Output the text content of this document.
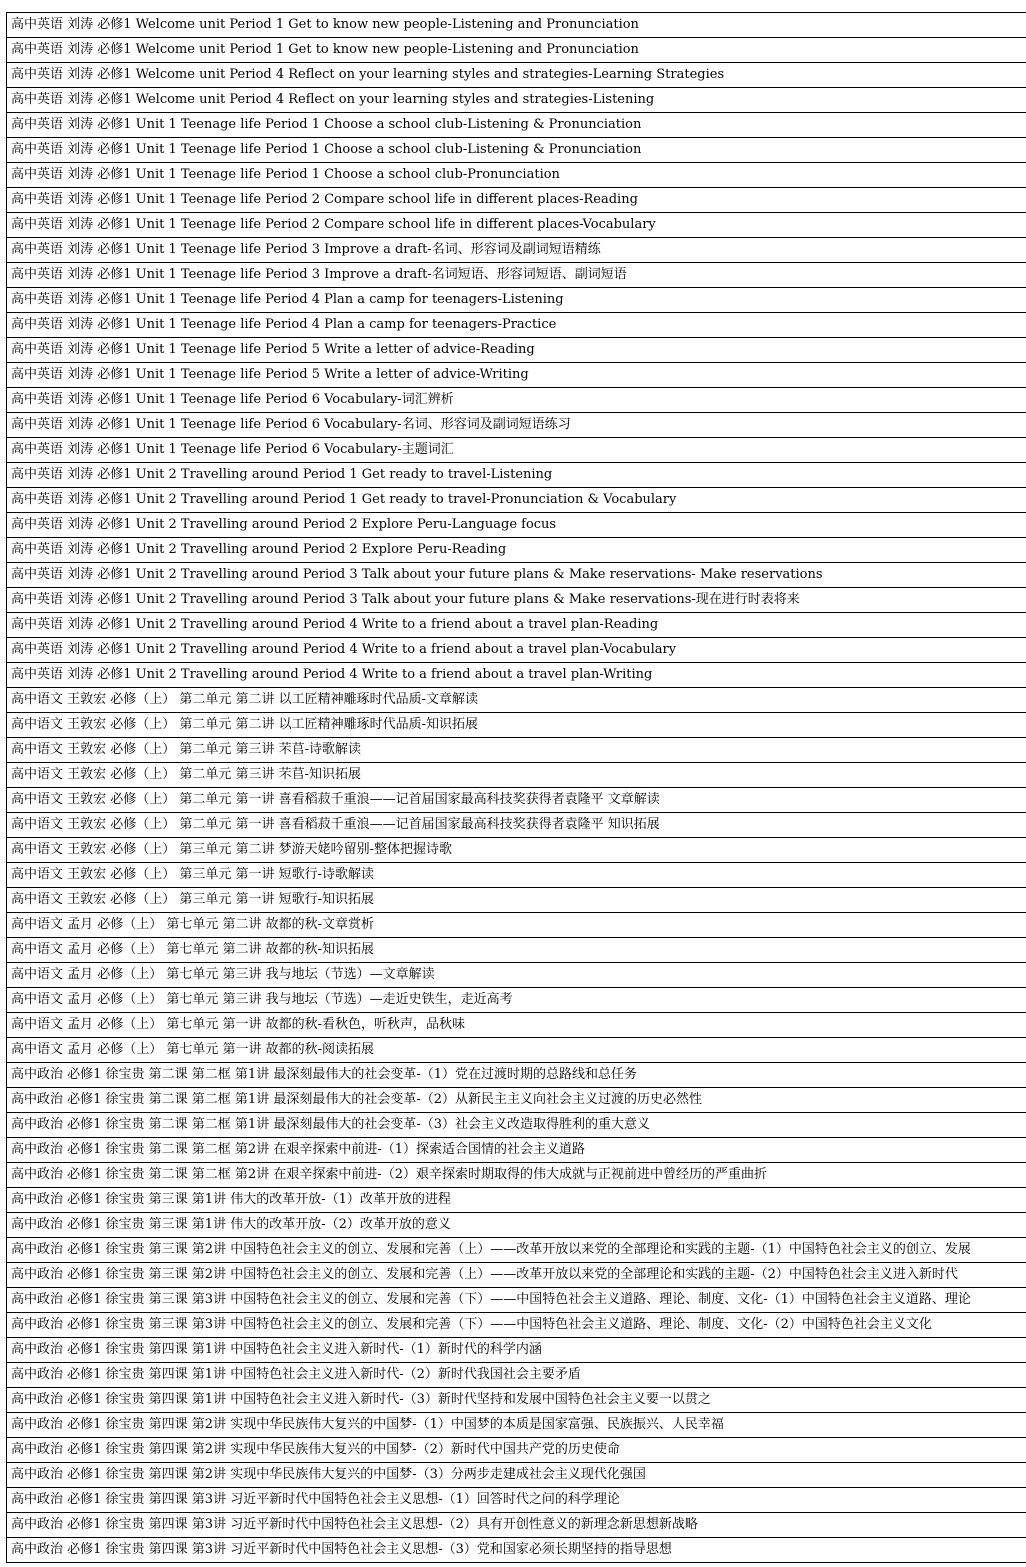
高中英语 刘涛 必修1 Welcome unit Period 1 Get to know new people-Listening and Pronunciation
高中英语 刘涛 必修1 Welcome unit Period 1 Get to know new people-Listening and Pronunciation
高中英语 刘涛 必修1 Welcome unit Period 4 Reflect on your learning styles and strategies-Learning Strategies
高中英语 刘涛 必修1 Welcome unit Period 4 Reflect on your learning styles and strategies-Listening
高中英语 刘涛 必修1 Unit 1 Teenage life Period 1 Choose a school club-Listening & Pronunciation
高中英语 刘涛 必修1 Unit 1 Teenage life Period 1 Choose a school club-Listening & Pronunciation
高中英语 刘涛 必修1 Unit 1 Teenage life Period 1 Choose a school club-Pronunciation
高中英语 刘涛 必修1 Unit 1 Teenage life Period 2 Compare school life in different places-Reading
高中英语 刘涛 必修1 Unit 1 Teenage life Period 2 Compare school life in different places-Vocabulary
高中英语 刘涛 必修1 Unit 1 Teenage life Period 3 Improve a draft-名词、形容词及副词短语精练
高中英语 刘涛 必修1 Unit 1 Teenage life Period 3 Improve a draft-名词短语、形容词短语、副词短语
高中英语 刘涛 必修1 Unit 1 Teenage life Period 4 Plan a camp for teenagers-Listening
高中英语 刘涛 必修1 Unit 1 Teenage life Period 4 Plan a camp for teenagers-Practice
高中英语 刘涛 必修1 Unit 1 Teenage life Period 5 Write a letter of advice-Reading
高中英语 刘涛 必修1 Unit 1 Teenage life Period 5 Write a letter of advice-Writing
高中英语 刘涛 必修1 Unit 1 Teenage life Period 6 Vocabulary-词汇辨析
高中英语 刘涛 必修1 Unit 1 Teenage life Period 6 Vocabulary-名词、形容词及副词短语练习
高中英语 刘涛 必修1 Unit 1 Teenage life Period 6 Vocabulary-主题词汇
高中英语 刘涛 必修1 Unit 2 Travelling around Period 1 Get ready to travel-Listening
高中英语 刘涛 必修1 Unit 2 Travelling around Period 1 Get ready to travel-Pronunciation & Vocabulary
高中英语 刘涛 必修1 Unit 2 Travelling around Period 2 Explore Peru-Language focus
高中英语 刘涛 必修1 Unit 2 Travelling around Period 2 Explore Peru-Reading
高中英语 刘涛 必修1 Unit 2 Travelling around Period 3 Talk about your future plans & Make reservations- Make reservations
高中英语 刘涛 必修1 Unit 2 Travelling around Period 3 Talk about your future plans & Make reservations-现在进行时表将来
高中英语 刘涛 必修1 Unit 2 Travelling around Period 4 Write to a friend about a travel plan-Reading
高中英语 刘涛 必修1 Unit 2 Travelling around Period 4 Write to a friend about a travel plan-Vocabulary
高中英语 刘涛 必修1 Unit 2 Travelling around Period 4 Write to a friend about a travel plan-Writing
高中语文 王敦宏 必修（上） 第二单元 第二讲 以工匠精神雕琢时代品质-文章解读
高中语文 王敦宏 必修（上） 第二单元 第二讲 以工匠精神雕琢时代品质-知识拓展
高中语文 王敦宏 必修（上） 第二单元 第三讲 芣苢-诗歌解读
高中语文 王敦宏 必修（上） 第二单元 第三讲 芣苢-知识拓展
高中语文 王敦宏 必修（上） 第二单元 第一讲 喜看稻菽千重浪——记首届国家最高科技奖获得者袁隆平 文章解读
高中语文 王敦宏 必修（上） 第二单元 第一讲 喜看稻菽千重浪——记首届国家最高科技奖获得者袁隆平 知识拓展
高中语文 王敦宏 必修（上） 第三单元 第二讲 梦游天姥吟留别-整体把握诗歌
高中语文 王敦宏 必修（上） 第三单元 第一讲 短歌行-诗歌解读
高中语文 王敦宏 必修（上） 第三单元 第一讲 短歌行-知识拓展
高中语文 孟月 必修（上） 第七单元 第二讲 故都的秋-文章赏析
高中语文 孟月 必修（上） 第七单元 第二讲 故都的秋-知识拓展
高中语文 孟月 必修（上） 第七单元 第三讲 我与地坛（节选）—文章解读
高中语文 孟月 必修（上） 第七单元 第三讲 我与地坛（节选）—走近史铁生，走近高考
高中语文 孟月 必修（上） 第七单元 第一讲 故都的秋-看秋色，听秋声，品秋味
高中语文 孟月 必修（上） 第七单元 第一讲 故都的秋-阅读拓展
高中政治 必修1 徐宝贵 第二课 第二框 第1讲 最深刻最伟大的社会变革-（1）党在过渡时期的总路线和总任务
高中政治 必修1 徐宝贵 第二课 第二框 第1讲 最深刻最伟大的社会变革-（2）从新民主主义向社会主义过渡的历史必然性
高中政治 必修1 徐宝贵 第二课 第二框 第1讲 最深刻最伟大的社会变革-（3）社会主义改造取得胜利的重大意义
高中政治 必修1 徐宝贵 第二课 第二框 第2讲 在艰辛探索中前进-（1）探索适合国情的社会主义道路
高中政治 必修1 徐宝贵 第二课 第二框 第2讲 在艰辛探索中前进-（2）艰辛探索时期取得的伟大成就与正视前进中曾经历的严重曲折
高中政治 必修1 徐宝贵 第三课 第1讲 伟大的改革开放-（1）改革开放的进程
高中政治 必修1 徐宝贵 第三课 第1讲 伟大的改革开放-（2）改革开放的意义
高中政治 必修1 徐宝贵 第三课 第2讲 中国特色社会主义的创立、发展和完善（上）——改革开放以来党的全部理论和实践的主题-（1）中国特色社会主义的创立、发展
高中政治 必修1 徐宝贵 第三课 第2讲 中国特色社会主义的创立、发展和完善（上）——改革开放以来党的全部理论和实践的主题-（2）中国特色社会主义进入新时代
高中政治 必修1 徐宝贵 第三课 第3讲 中国特色社会主义的创立、发展和完善（下）——中国特色社会主义道路、理论、制度、文化-（1）中国特色社会主义道路、理论
高中政治 必修1 徐宝贵 第三课 第3讲 中国特色社会主义的创立、发展和完善（下）——中国特色社会主义道路、理论、制度、文化-（2）中国特色社会主义文化
高中政治 必修1 徐宝贵 第四课 第1讲 中国特色社会主义进入新时代-（1）新时代的科学内涵
高中政治 必修1 徐宝贵 第四课 第1讲 中国特色社会主义进入新时代-（2）新时代我国社会主要矛盾
高中政治 必修1 徐宝贵 第四课 第1讲 中国特色社会主义进入新时代-（3）新时代坚持和发展中国特色社会主义要一以贯之
高中政治 必修1 徐宝贵 第四课 第2讲 实现中华民族伟大复兴的中国梦-（1）中国梦的本质是国家富强、民族振兴、人民幸福
高中政治 必修1 徐宝贵 第四课 第2讲 实现中华民族伟大复兴的中国梦-（2）新时代中国共产党的历史使命
高中政治 必修1 徐宝贵 第四课 第2讲 实现中华民族伟大复兴的中国梦-（3）分两步走建成社会主义现代化强国
高中政治 必修1 徐宝贵 第四课 第3讲 习近平新时代中国特色社会主义思想-（1）回答时代之问的科学理论
高中政治 必修1 徐宝贵 第四课 第3讲 习近平新时代中国特色社会主义思想-（2）具有开创性意义的新理念新思想新战略
高中政治 必修1 徐宝贵 第四课 第3讲 习近平新时代中国特色社会主义思想-（3）党和国家必须长期坚持的指导思想
